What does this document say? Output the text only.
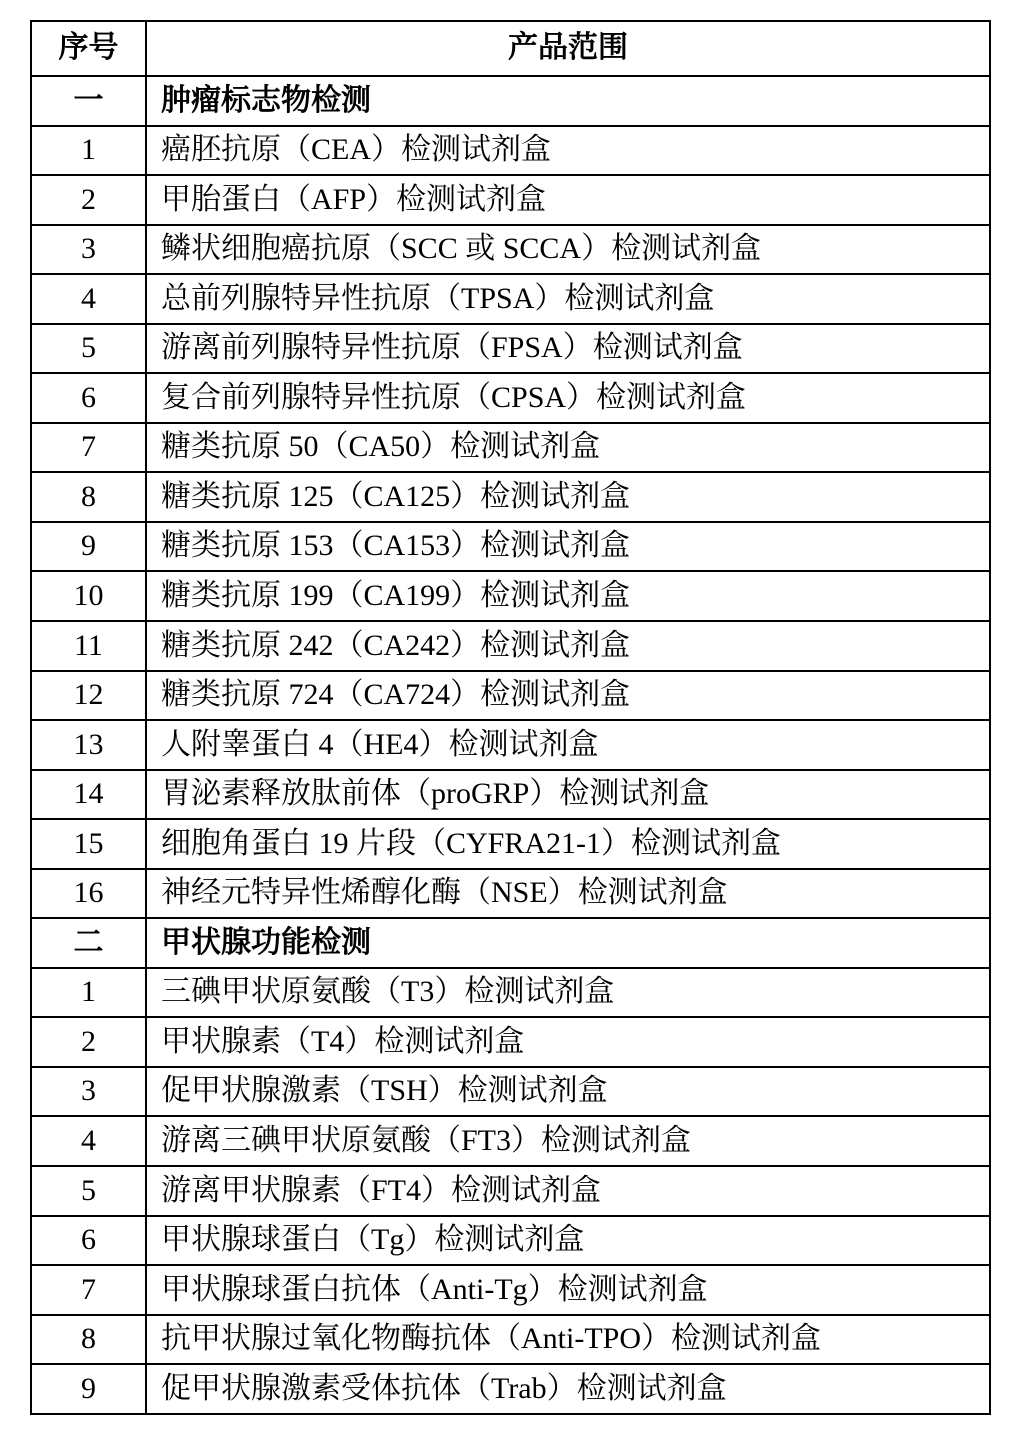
序号	产品范围
一	肿瘤标志物检测
1	癌胚抗原（CEA）检测试剂盒
2	甲胎蛋白（AFP）检测试剂盒
3	鳞状细胞癌抗原（SCC 或 SCCA）检测试剂盒
4	总前列腺特异性抗原（TPSA）检测试剂盒
5	游离前列腺特异性抗原（FPSA）检测试剂盒
6	复合前列腺特异性抗原（CPSA）检测试剂盒
7	糖类抗原 50（CA50）检测试剂盒
8	糖类抗原 125（CA125）检测试剂盒
9	糖类抗原 153（CA153）检测试剂盒
10	糖类抗原 199（CA199）检测试剂盒
11	糖类抗原 242（CA242）检测试剂盒
12	糖类抗原 724（CA724）检测试剂盒
13	人附睾蛋白 4（HE4）检测试剂盒
14	胃泌素释放肽前体（proGRP）检测试剂盒
15	细胞角蛋白 19 片段（CYFRA21-1）检测试剂盒
16	神经元特异性烯醇化酶（NSE）检测试剂盒
二	甲状腺功能检测
1	三碘甲状原氨酸（T3）检测试剂盒
2	甲状腺素（T4）检测试剂盒
3	促甲状腺激素（TSH）检测试剂盒
4	游离三碘甲状原氨酸（FT3）检测试剂盒
5	游离甲状腺素（FT4）检测试剂盒
6	甲状腺球蛋白（Tg）检测试剂盒
7	甲状腺球蛋白抗体（Anti-Tg）检测试剂盒
8	抗甲状腺过氧化物酶抗体（Anti-TPO）检测试剂盒
9	促甲状腺激素受体抗体（Trab）检测试剂盒
